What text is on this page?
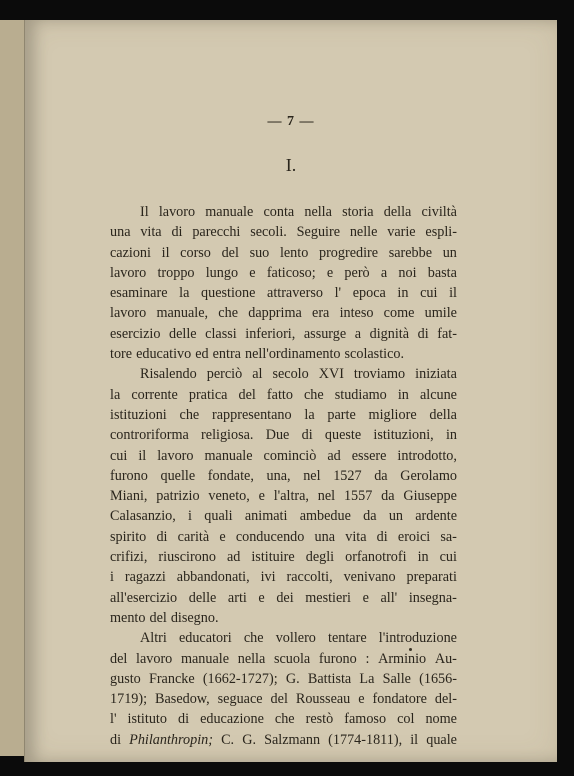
— 7 —
I.
Il lavoro manuale conta nella storia della civiltà
una vita di parecchi secoli. Seguire nelle varie espli-
cazioni il corso del suo lento progredire sarebbe un
lavoro troppo lungo e faticoso; e però a noi basta
esaminare la questione attraverso l' epoca in cui il
lavoro manuale, che dapprima era inteso come umile
esercizio delle classi inferiori, assurge a dignità di fat-
tore educativo ed entra nell'ordinamento scolastico.
Risalendo perciò al secolo XVI troviamo iniziata
la corrente pratica del fatto che studiamo in alcune
istituzioni che rappresentano la parte migliore della
controriforma religiosa. Due di queste istituzioni, in
cui il lavoro manuale cominciò ad essere introdotto,
furono quelle fondate, una, nel 1527 da Gerolamo
Miani, patrizio veneto, e l'altra, nel 1557 da Giuseppe
Calasanzio, i quali animati ambedue da un ardente
spirito di carità e conducendo una vita di eroici sa-
crifizi, riuscirono ad istituire degli orfanotrofi in cui
i ragazzi abbandonati, ivi raccolti, venivano preparati
all'esercizio delle arti e dei mestieri e all' insegna-
mento del disegno.
Altri educatori che vollero tentare l'introduzione
del lavoro manuale nella scuola furono : Arminio Au-
gusto Francke (1662-1727); G. Battista La Salle (1656-
1719); Basedow, seguace del Rousseau e fondatore del-
l' istituto di educazione che restò famoso col nome
di Philanthropin; C. G. Salzmann (1774-1811), il quale
